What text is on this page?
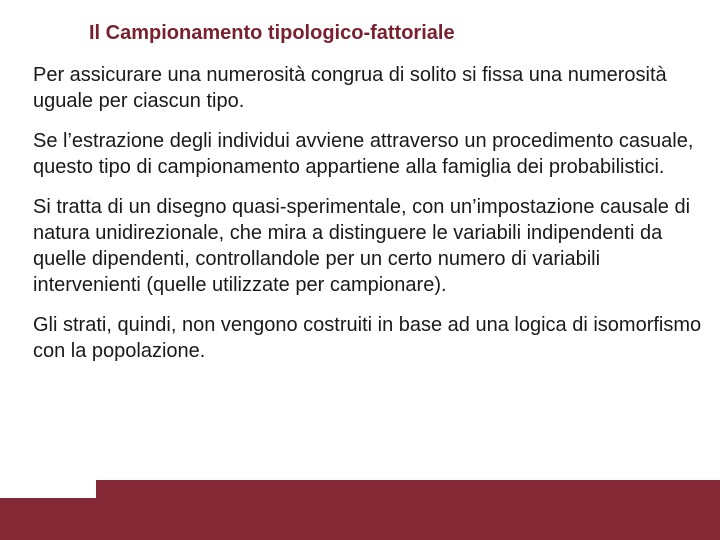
Il Campionamento tipologico-fattoriale

Per assicurare una numerosità congrua di solito si fissa una numerosità uguale per ciascun tipo.

Se l’estrazione degli individui avviene attraverso un procedimento casuale, questo tipo di campionamento appartiene alla famiglia dei probabilistici.

Si tratta di un disegno quasi-sperimentale, con un’impostazione causale di natura unidirezionale, che mira a distinguere le variabili indipendenti da quelle dipendenti, controllandole per un certo numero di variabili intervenienti (quelle utilizzate per campionare).

Gli strati, quindi, non vengono costruiti in base ad una logica di isomorfismo con la popolazione.
